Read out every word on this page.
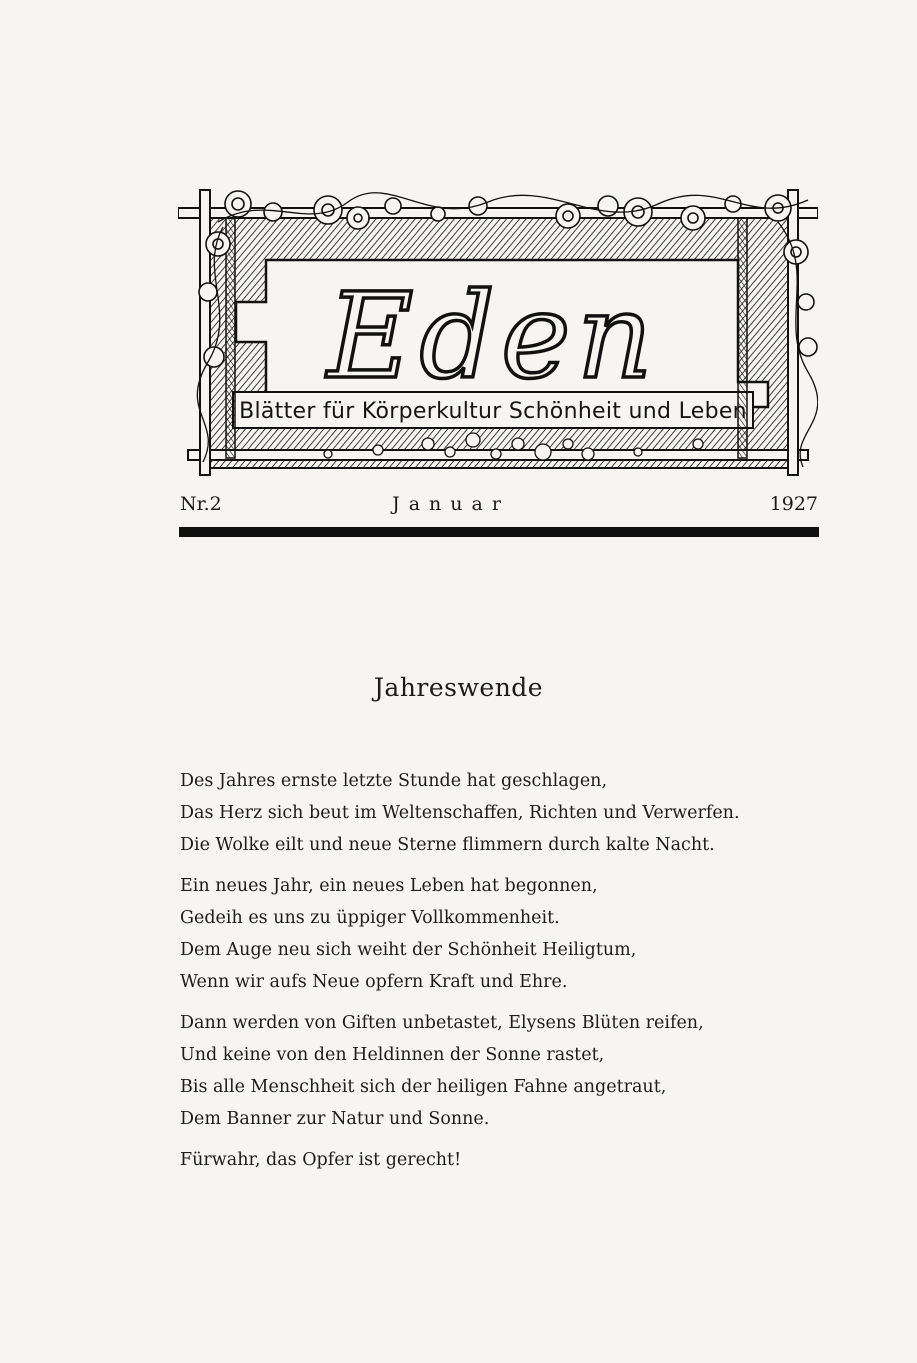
Eden
Blätter für Körperkultur Schönheit und Leben
Nr.2	Januar	1927
Jahreswende
Des Jahres ernste letzte Stunde hat geschlagen,
Das Herz sich beut im Weltenschaffen, Richten und Verwerfen.
Die Wolke eilt und neue Sterne flimmern durch kalte Nacht.
Ein neues Jahr, ein neues Leben hat begonnen,
Gedeih es uns zu üppiger Vollkommenheit.
Dem Auge neu sich weiht der Schönheit Heiligtum,
Wenn wir aufs Neue opfern Kraft und Ehre.
Dann werden von Giften unbetastet, Elysens Blüten reifen,
Und keine von den Heldinnen der Sonne rastet,
Bis alle Menschheit sich der heiligen Fahne angetraut,
Dem Banner zur Natur und Sonne.
Fürwahr, das Opfer ist gerecht!
